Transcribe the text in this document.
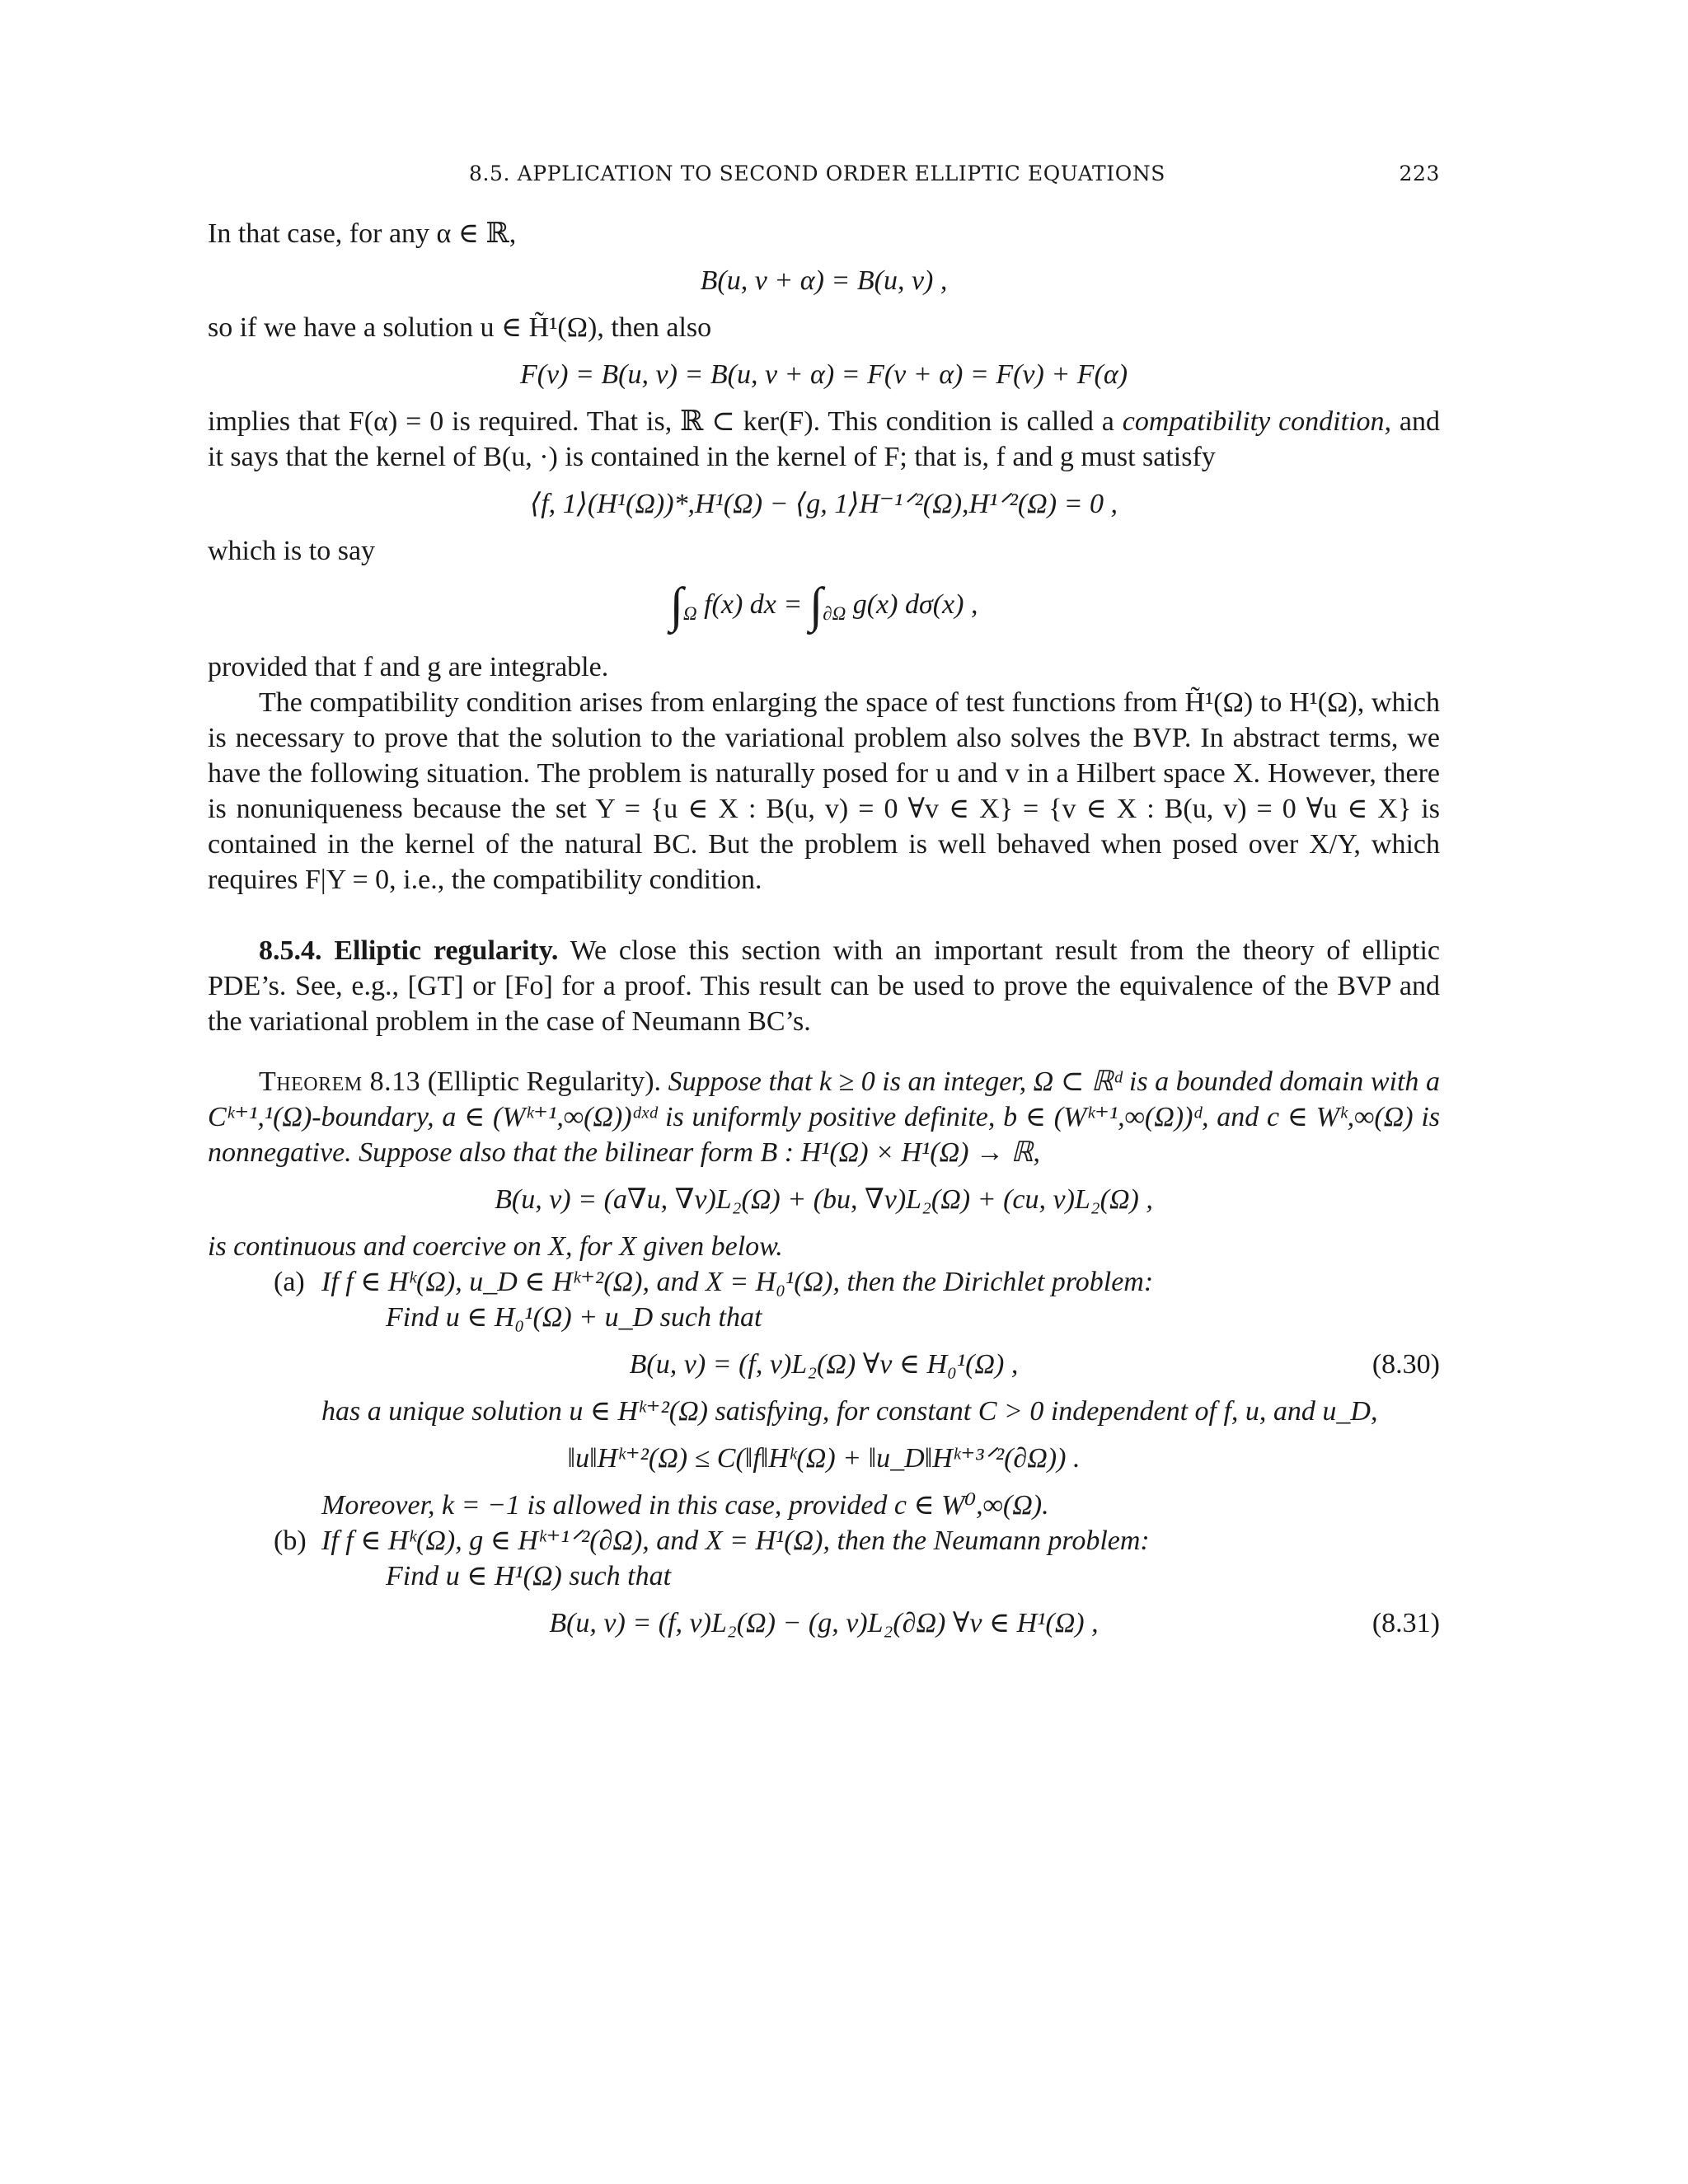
8.5. APPLICATION TO SECOND ORDER ELLIPTIC EQUATIONS	223

In that case, for any α ∈ ℝ,

B(u, v + α) = B(u, v) ,

so if we have a solution u ∈ H̃¹(Ω), then also

F(v) = B(u, v) = B(u, v + α) = F(v + α) = F(v) + F(α)

implies that F(α) = 0 is required. That is, ℝ ⊂ ker(F). This condition is called a compatibility condition, and it says that the kernel of B(u, ·) is contained in the kernel of F; that is, f and g must satisfy

⟨f, 1⟩(H¹(Ω))*,H¹(Ω) − ⟨g, 1⟩H⁻¹ᐟ²(Ω),H¹ᐟ²(Ω) = 0 ,

which is to say

$\int_\Omega$ f(x) dx = $\int_{\partial\Omega}$ g(x) dσ(x) ,

provided that f and g are integrable.

The compatibility condition arises from enlarging the space of test functions from H̃¹(Ω) to H¹(Ω), which is necessary to prove that the solution to the variational problem also solves the BVP. In abstract terms, we have the following situation. The problem is naturally posed for u and v in a Hilbert space X. However, there is nonuniqueness because the set Y = {u ∈ X : B(u, v) = 0 ∀v ∈ X} = {v ∈ X : B(u, v) = 0 ∀u ∈ X} is contained in the kernel of the natural BC. But the problem is well behaved when posed over X/Y, which requires F|Y = 0, i.e., the compatibility condition.

8.5.4. Elliptic regularity. We close this section with an important result from the theory of elliptic PDE’s. See, e.g., [GT] or [Fo] for a proof. This result can be used to prove the equivalence of the BVP and the variational problem in the case of Neumann BC’s.

Theorem 8.13 (Elliptic Regularity). Suppose that k ≥ 0 is an integer, Ω ⊂ ℝᵈ is a bounded domain with a Cᵏ⁺¹,¹(Ω)-boundary, a ∈ (Wᵏ⁺¹,∞(Ω))ᵈˣᵈ is uniformly positive definite, b ∈ (Wᵏ⁺¹,∞(Ω))ᵈ, and c ∈ Wᵏ,∞(Ω) is nonnegative. Suppose also that the bilinear form B : H¹(Ω) × H¹(Ω) → ℝ,

B(u, v) = (a∇u, ∇v)L₂(Ω) + (bu, ∇v)L₂(Ω) + (cu, v)L₂(Ω) ,

is continuous and coercive on X, for X given below.

(a) If f ∈ Hᵏ(Ω), u_D ∈ Hᵏ⁺²(Ω), and X = H₀¹(Ω), then the Dirichlet problem:
Find u ∈ H₀¹(Ω) + u_D such that
B(u, v) = (f, v)L₂(Ω) ∀v ∈ H₀¹(Ω) ,	(8.30)

has a unique solution u ∈ Hᵏ⁺²(Ω) satisfying, for constant C > 0 independent of f, u, and u_D,

‖u‖Hᵏ⁺²(Ω) ≤ C(‖f‖Hᵏ(Ω) + ‖u_D‖Hᵏ⁺³ᐟ²(∂Ω)) .

Moreover, k = −1 is allowed in this case, provided c ∈ W⁰,∞(Ω).

(b) If f ∈ Hᵏ(Ω), g ∈ Hᵏ⁺¹ᐟ²(∂Ω), and X = H¹(Ω), then the Neumann problem:
Find u ∈ H¹(Ω) such that
B(u, v) = (f, v)L₂(Ω) − (g, v)L₂(∂Ω) ∀v ∈ H¹(Ω) ,	(8.31)
